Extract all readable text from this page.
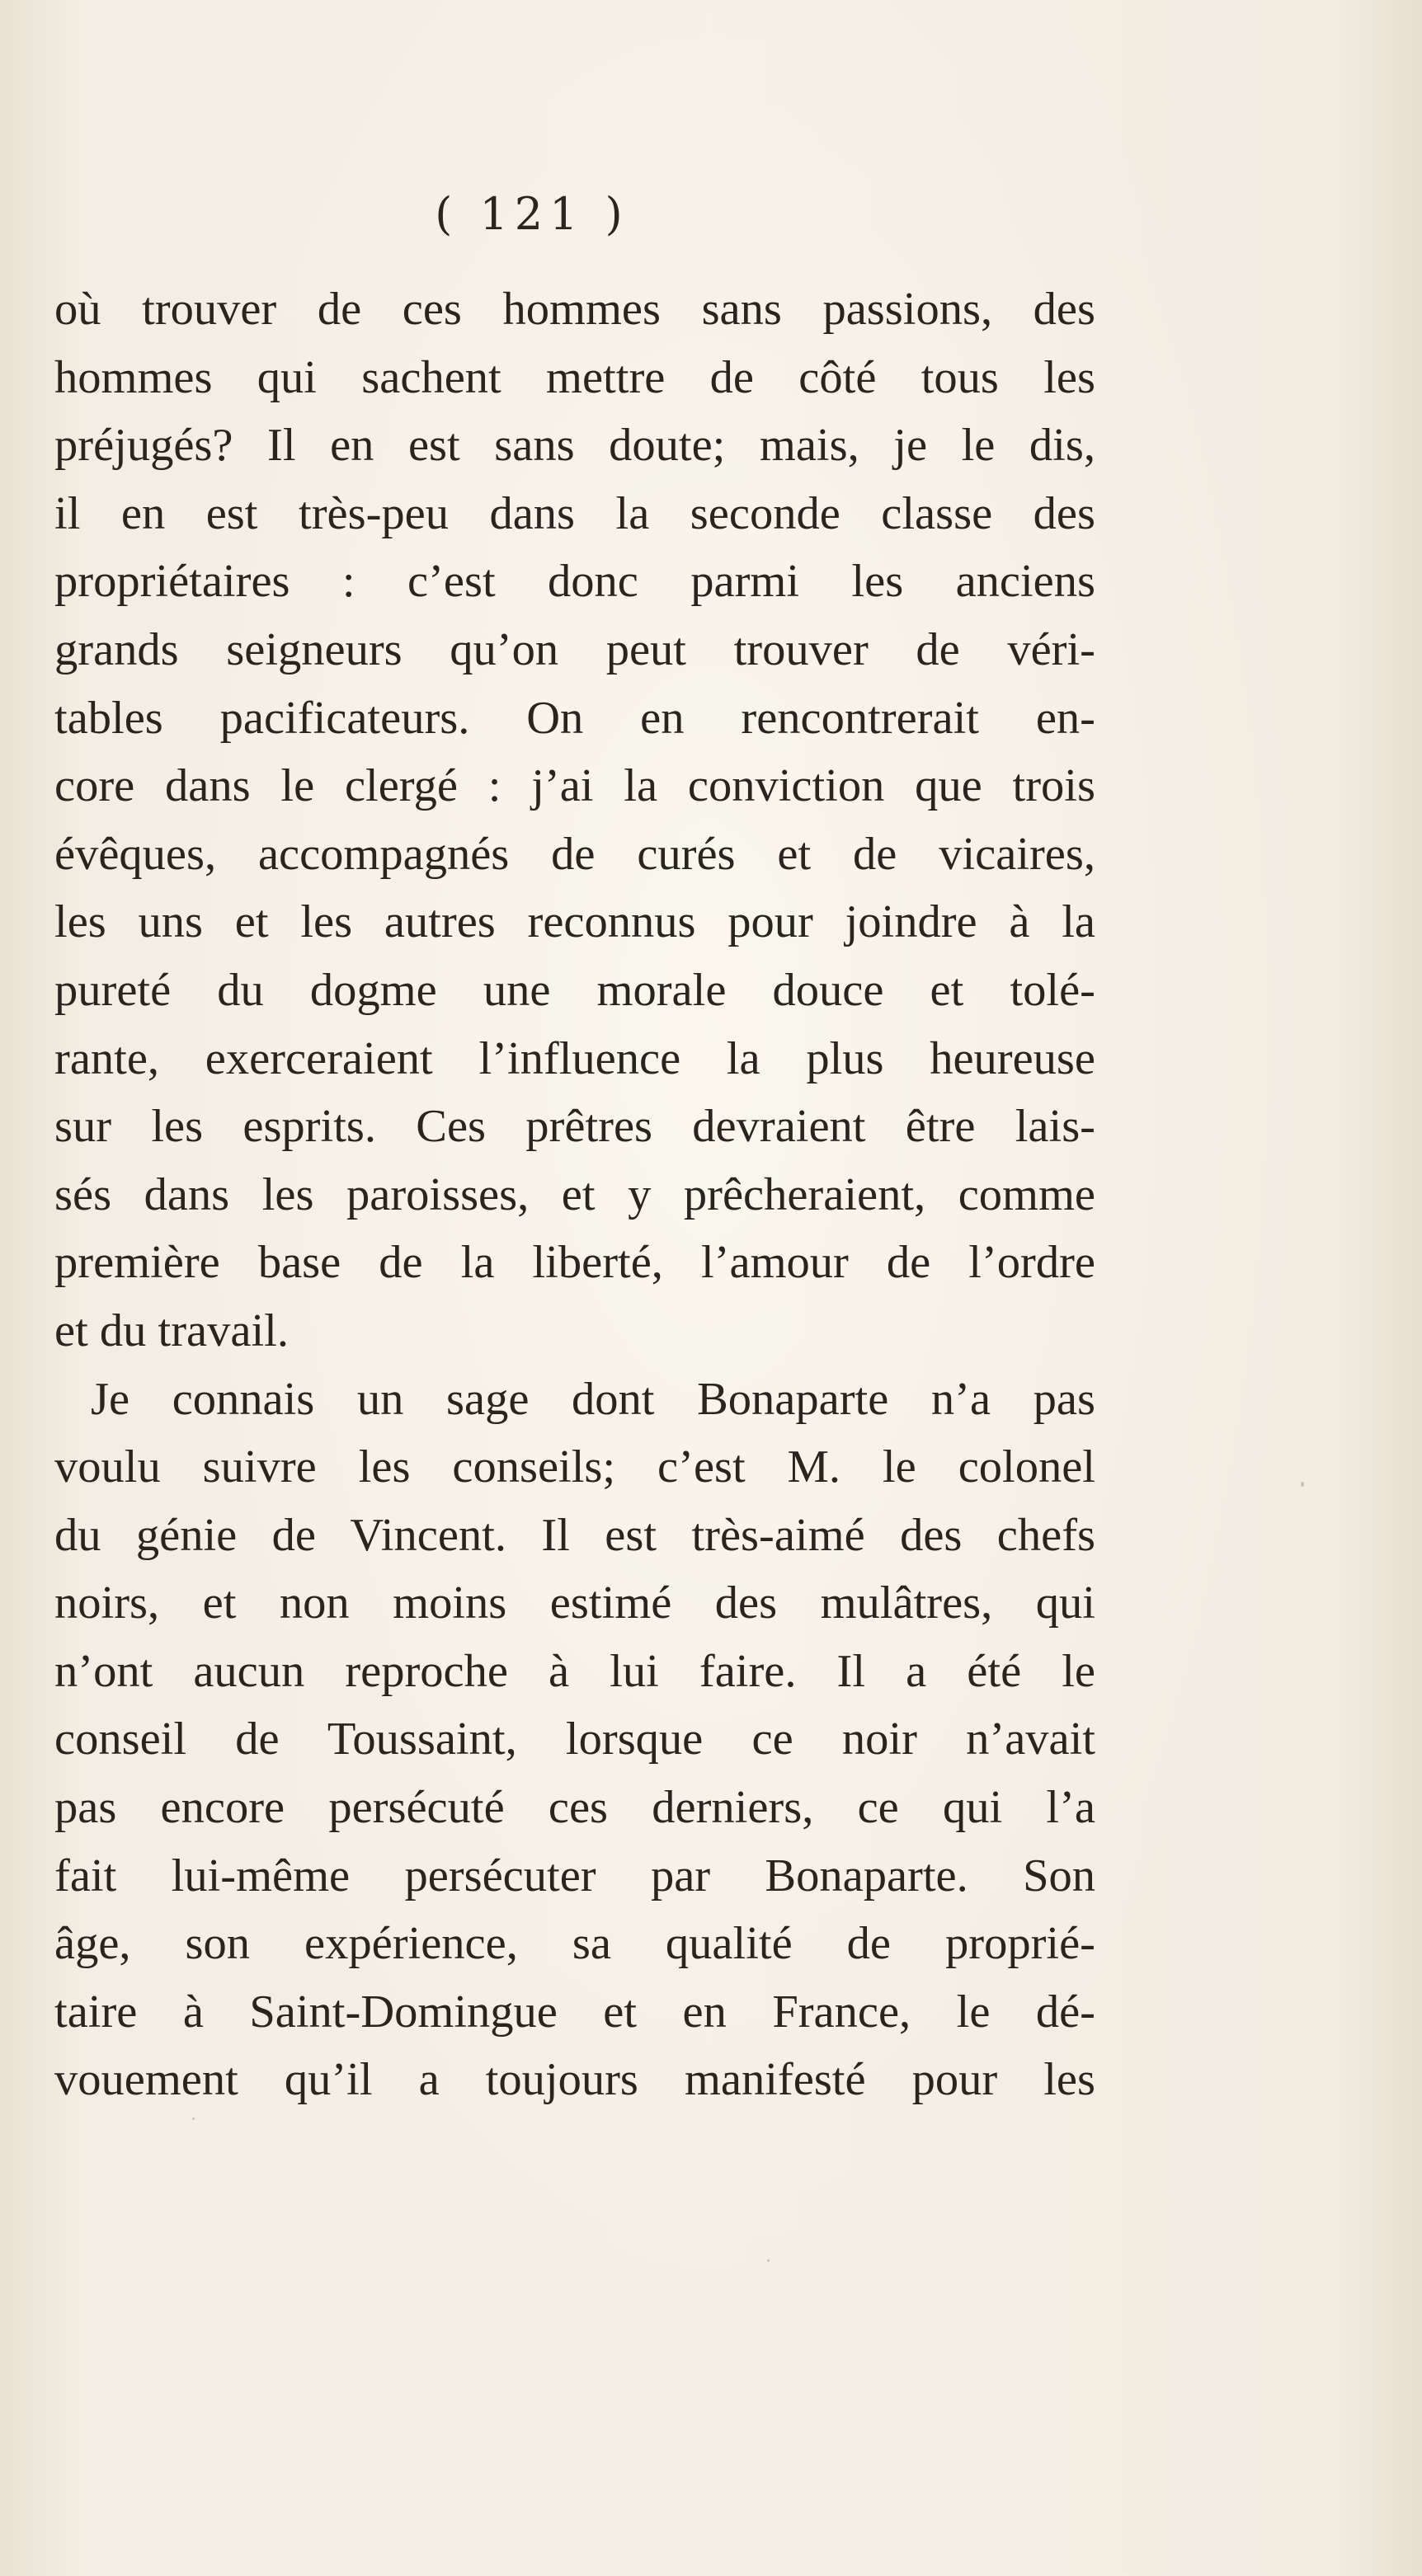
( 121 )
où trouver de ces hommes sans passions, des
hommes qui sachent mettre de côté tous les
préjugés? Il en est sans doute; mais, je le dis,
il en est très-peu dans la seconde classe des
propriétaires : c’est donc parmi les anciens
grands seigneurs qu’on peut trouver de véri-
tables pacificateurs. On en rencontrerait en-
core dans le clergé : j’ai la conviction que trois
évêques, accompagnés de curés et de vicaires,
les uns et les autres reconnus pour joindre à la
pureté du dogme une morale douce et tolé-
rante, exerceraient l’influence la plus heureuse
sur les esprits. Ces prêtres devraient être lais-
sés dans les paroisses, et y prêcheraient, comme
première base de la liberté, l’amour de l’ordre
et du travail.
Je connais un sage dont Bonaparte n’a pas
voulu suivre les conseils; c’est M. le colonel
du génie de Vincent. Il est très-aimé des chefs
noirs, et non moins estimé des mulâtres, qui
n’ont aucun reproche à lui faire. Il a été le
conseil de Toussaint, lorsque ce noir n’avait
pas encore persécuté ces derniers, ce qui l’a
fait lui-même persécuter par Bonaparte. Son
âge, son expérience, sa qualité de proprié-
taire à Saint-Domingue et en France, le dé-
vouement qu’il a toujours manifesté pour les
